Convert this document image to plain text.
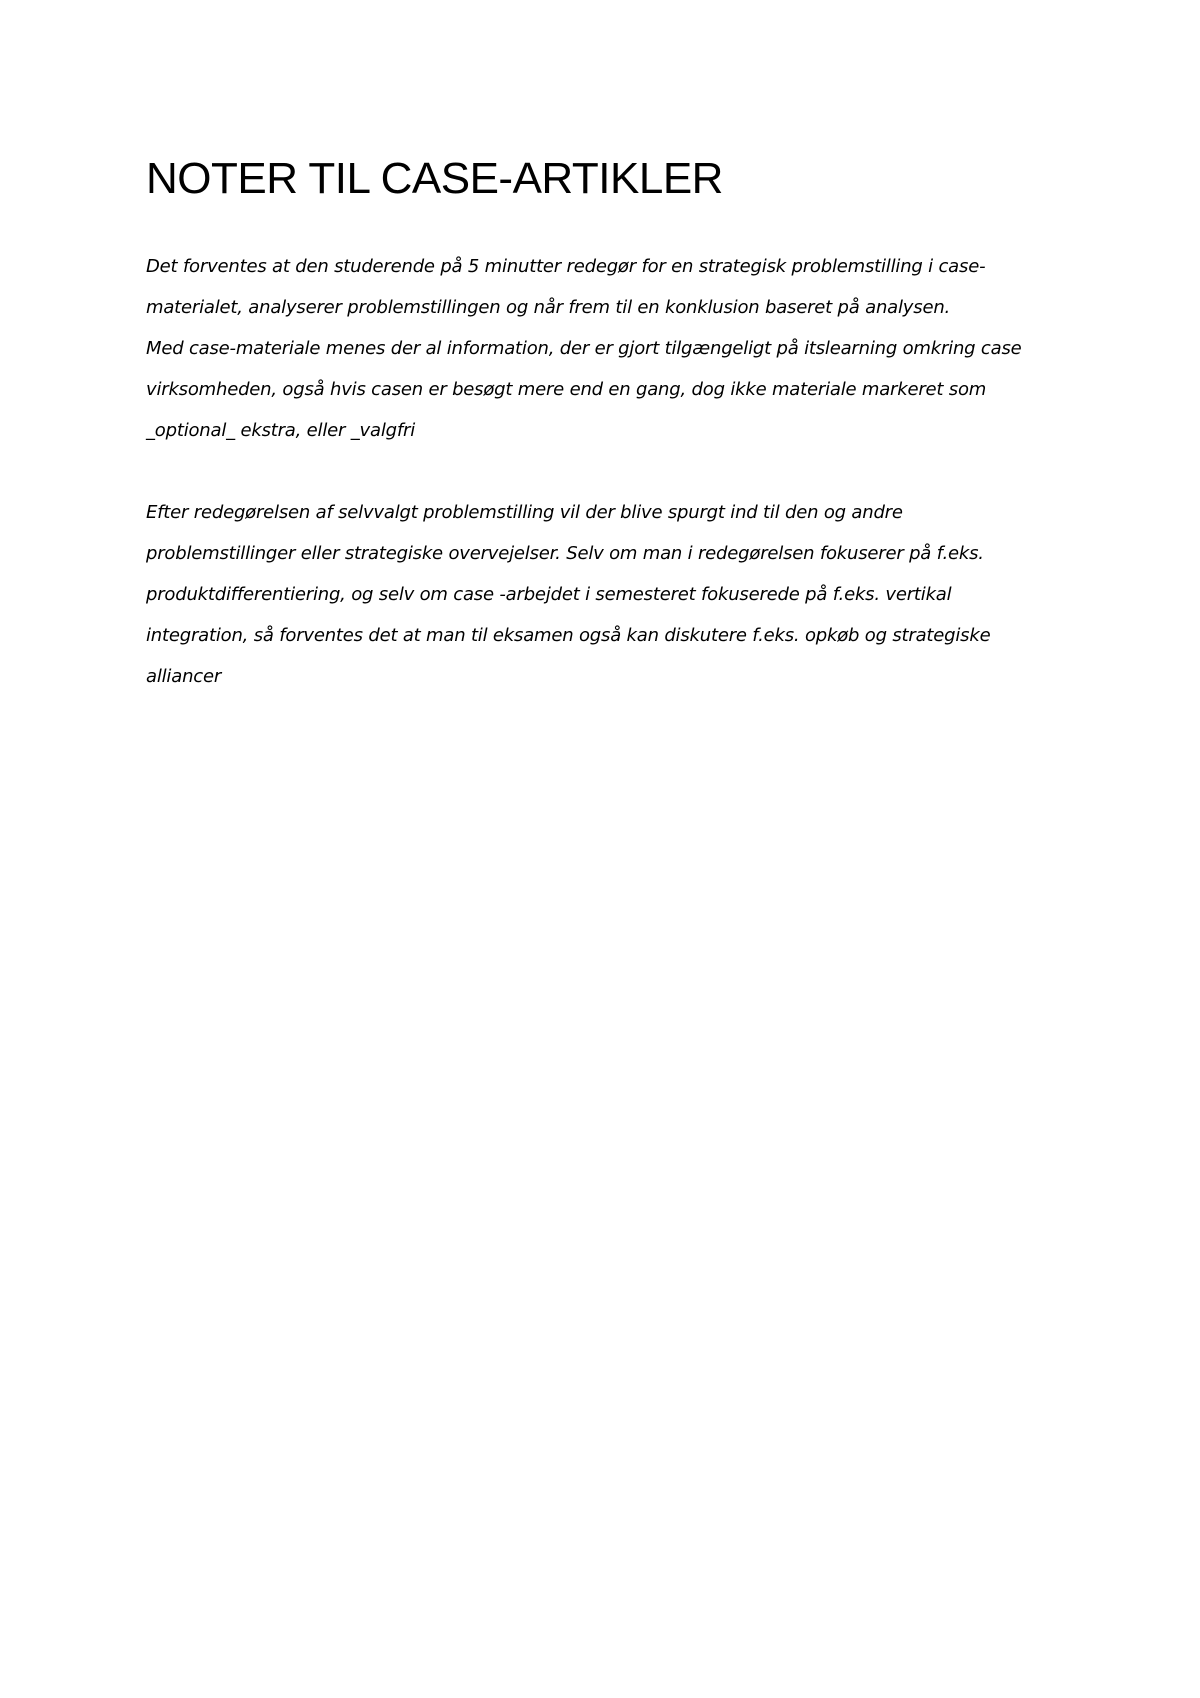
NOTER TIL CASE-ARTIKLER

Det forventes at den studerende på 5 minutter redegør for en strategisk problemstilling i case-
materialet, analyserer problemstillingen og når frem til en konklusion baseret på analysen.
Med case-materiale menes der al information, der er gjort tilgængeligt på itslearning omkring case
virksomheden, også hvis casen er besøgt mere end en gang, dog ikke materiale markeret som
_optional_ ekstra, eller _valgfri

Efter redegørelsen af selvvalgt problemstilling vil der blive spurgt ind til den og andre
problemstillinger eller strategiske overvejelser. Selv om man i redegørelsen fokuserer på f.eks.
produktdifferentiering, og selv om case -arbejdet i semesteret fokuserede på f.eks. vertikal
integration, så forventes det at man til eksamen også kan diskutere f.eks. opkøb og strategiske
alliancer
